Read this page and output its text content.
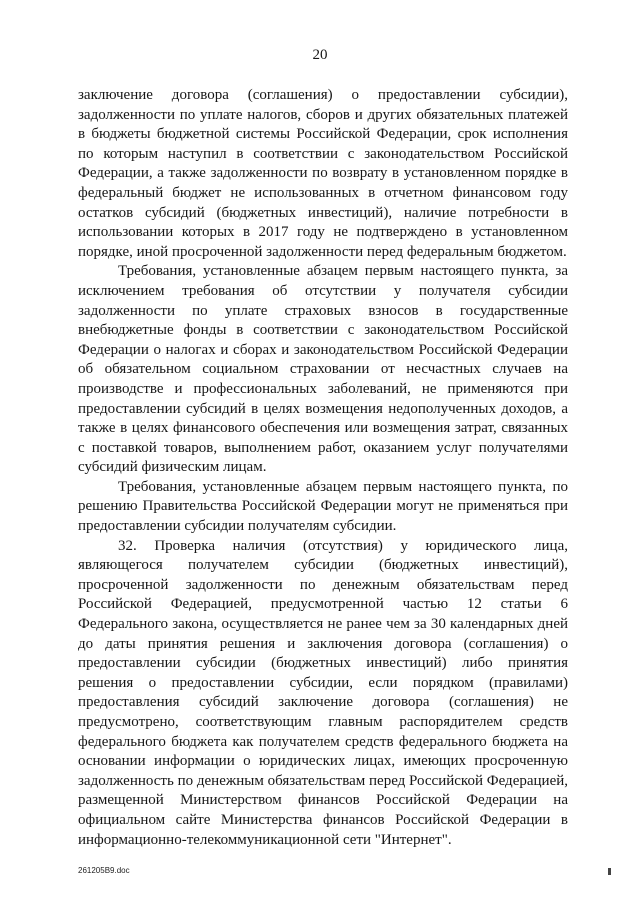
20

заключение договора (соглашения) о предоставлении субсидии), задолженности по уплате налогов, сборов и других обязательных платежей в бюджеты бюджетной системы Российской Федерации, срок исполнения по которым наступил в соответствии с законодательством Российской Федерации, а также задолженности по возврату в установленном порядке в федеральный бюджет не использованных в отчетном финансовом году остатков субсидий (бюджетных инвестиций), наличие потребности в использовании которых в 2017 году не подтверждено в установленном порядке, иной просроченной задолженности перед федеральным бюджетом.

Требования, установленные абзацем первым настоящего пункта, за исключением требования об отсутствии у получателя субсидии задолженности по уплате страховых взносов в государственные внебюджетные фонды в соответствии с законодательством Российской Федерации о налогах и сборах и законодательством Российской Федерации об обязательном социальном страховании от несчастных случаев на производстве и профессиональных заболеваний, не применяются при предоставлении субсидий в целях возмещения недополученных доходов, а также в целях финансового обеспечения или возмещения затрат, связанных с поставкой товаров, выполнением работ, оказанием услуг получателями субсидий физическим лицам.

Требования, установленные абзацем первым настоящего пункта, по решению Правительства Российской Федерации могут не применяться при предоставлении субсидии получателям субсидии.

32. Проверка наличия (отсутствия) у юридического лица, являющегося получателем субсидии (бюджетных инвестиций), просроченной задолженности по денежным обязательствам перед Российской Федерацией, предусмотренной частью 12 статьи 6 Федерального закона, осуществляется не ранее чем за 30 календарных дней до даты принятия решения и заключения договора (соглашения) о предоставлении субсидии (бюджетных инвестиций) либо принятия решения о предоставлении субсидии, если порядком (правилами) предоставления субсидий заключение договора (соглашения) не предусмотрено, соответствующим главным распорядителем средств федерального бюджета как получателем средств федерального бюджета на основании информации о юридических лицах, имеющих просроченную задолженность по денежным обязательствам перед Российской Федерацией, размещенной Министерством финансов Российской Федерации на официальном сайте Министерства финансов Российской Федерации в информационно-телекоммуникационной сети "Интернет".

261205B9.doc
